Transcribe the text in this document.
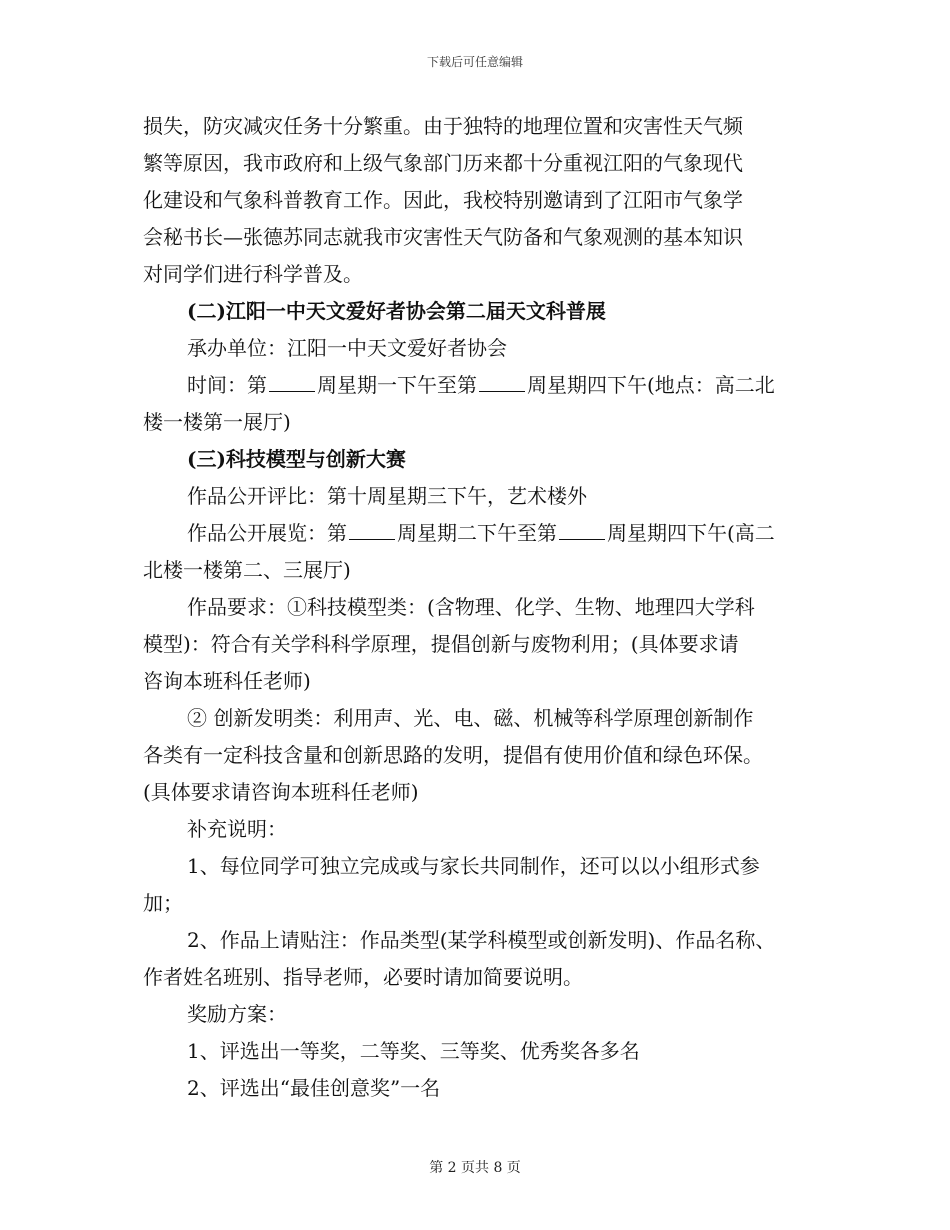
下载后可任意编辑
损失，防灾减灾任务十分繁重。由于独特的地理位置和灾害性天气频
繁等原因，我市政府和上级气象部门历来都十分重视江阳的气象现代
化建设和气象科普教育工作。因此，我校特别邀请到了江阳市气象学
会秘书长—张德苏同志就我市灾害性天气防备和气象观测的基本知识
对同学们进行科学普及。
(二)江阳一中天文爱好者协会第二届天文科普展
承办单位：江阳一中天文爱好者协会
时间：第	周星期一下午至第	周星期四下午(地点：高二北
楼一楼第一展厅)
(三)科技模型与创新大赛
作品公开评比：第十周星期三下午，艺术楼外
作品公开展览：第	周星期二下午至第	周星期四下午(高二
北楼一楼第二、三展厅)
作品要求：①科技模型类：(含物理、化学、生物、地理四大学科
模型)：符合有关学科科学原理，提倡创新与废物利用；(具体要求请
咨询本班科任老师)
② 创新发明类：利用声、光、电、磁、机械等科学原理创新制作
各类有一定科技含量和创新思路的发明，提倡有使用价值和绿色环保。
(具体要求请咨询本班科任老师)
补充说明：
1、每位同学可独立完成或与家长共同制作，还可以以小组形式参
加；
2、作品上请贴注：作品类型(某学科模型或创新发明)、作品名称、
作者姓名班别、指导老师，必要时请加简要说明。
奖励方案：
1、评选出一等奖，二等奖、三等奖、优秀奖各多名
2、评选出“最佳创意奖”一名
第 2 页共 8 页
